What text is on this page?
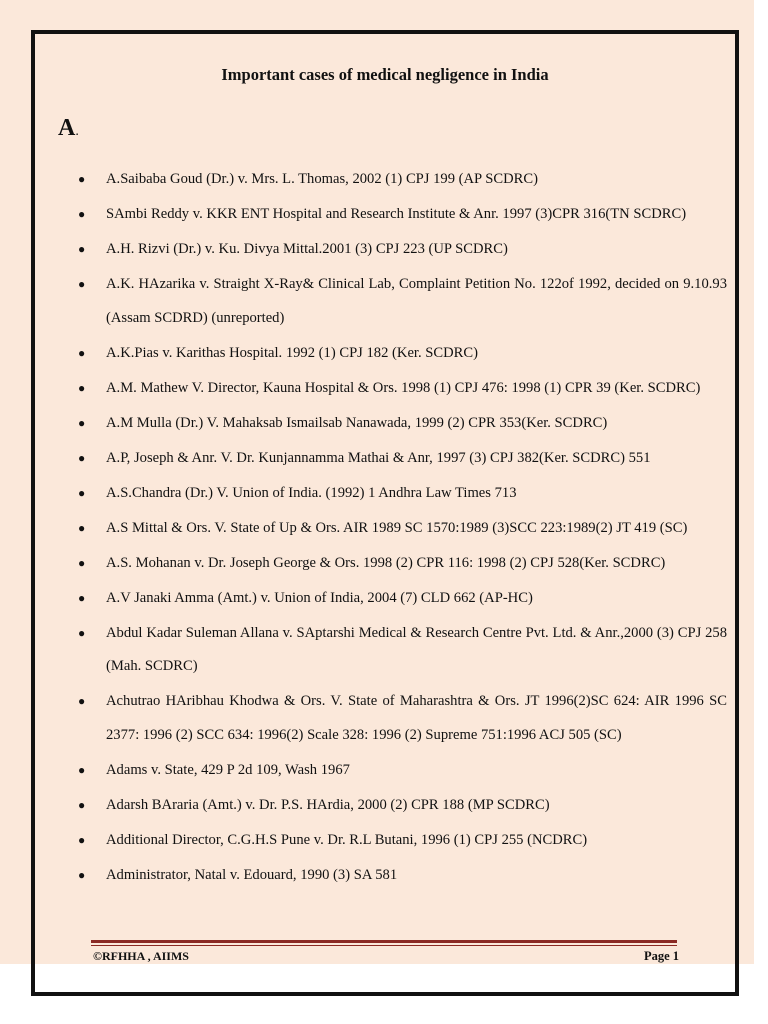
Important cases of medical negligence in India
A.
● A.Saibaba Goud (Dr.) v. Mrs. L. Thomas, 2002 (1) CPJ 199 (AP SCDRC)
● SAmbi Reddy v. KKR ENT Hospital and Research Institute & Anr. 1997 (3)CPR 316(TN SCDRC)
● A.H. Rizvi (Dr.) v. Ku. Divya Mittal.2001 (3) CPJ 223 (UP SCDRC)
● A.K. HAzarika v. Straight X-Ray& Clinical Lab, Complaint Petition No. 122of 1992, decided on 9.10.93 (Assam SCDRD) (unreported)
● A.K.Pias v. Karithas Hospital. 1992 (1) CPJ 182 (Ker. SCDRC)
● A.M. Mathew V. Director, Kauna Hospital & Ors. 1998 (1) CPJ 476: 1998 (1) CPR 39 (Ker. SCDRC)
● A.M Mulla (Dr.) V. Mahaksab Ismailsab Nanawada, 1999 (2) CPR 353(Ker. SCDRC)
● A.P, Joseph & Anr. V. Dr. Kunjannamma Mathai & Anr, 1997 (3) CPJ 382(Ker. SCDRC) 551
● A.S.Chandra (Dr.) V. Union of India. (1992) 1 Andhra Law Times 713
● A.S Mittal & Ors. V. State of Up & Ors. AIR 1989 SC 1570:1989 (3)SCC 223:1989(2) JT 419 (SC)
● A.S. Mohanan v. Dr. Joseph George & Ors. 1998 (2) CPR 116: 1998 (2) CPJ 528(Ker. SCDRC)
● A.V Janaki Amma (Amt.) v. Union of India, 2004 (7) CLD 662 (AP-HC)
● Abdul Kadar Suleman Allana v. SAptarshi Medical & Research Centre Pvt. Ltd. & Anr.,2000 (3) CPJ 258 (Mah. SCDRC)
● Achutrao HAribhau Khodwa & Ors. V. State of Maharashtra & Ors. JT 1996(2)SC 624: AIR 1996 SC 2377: 1996 (2) SCC 634: 1996(2) Scale 328: 1996 (2) Supreme 751:1996 ACJ 505 (SC)
● Adams v. State, 429 P 2d 109, Wash 1967
● Adarsh BAraria (Amt.) v. Dr. P.S. HArdia, 2000 (2) CPR 188 (MP SCDRC)
● Additional Director, C.G.H.S Pune v. Dr. R.L Butani, 1996 (1) CPJ 255 (NCDRC)
● Administrator, Natal v. Edouard, 1990 (3) SA 581
©RFHHA , AIIMS	Page 1
